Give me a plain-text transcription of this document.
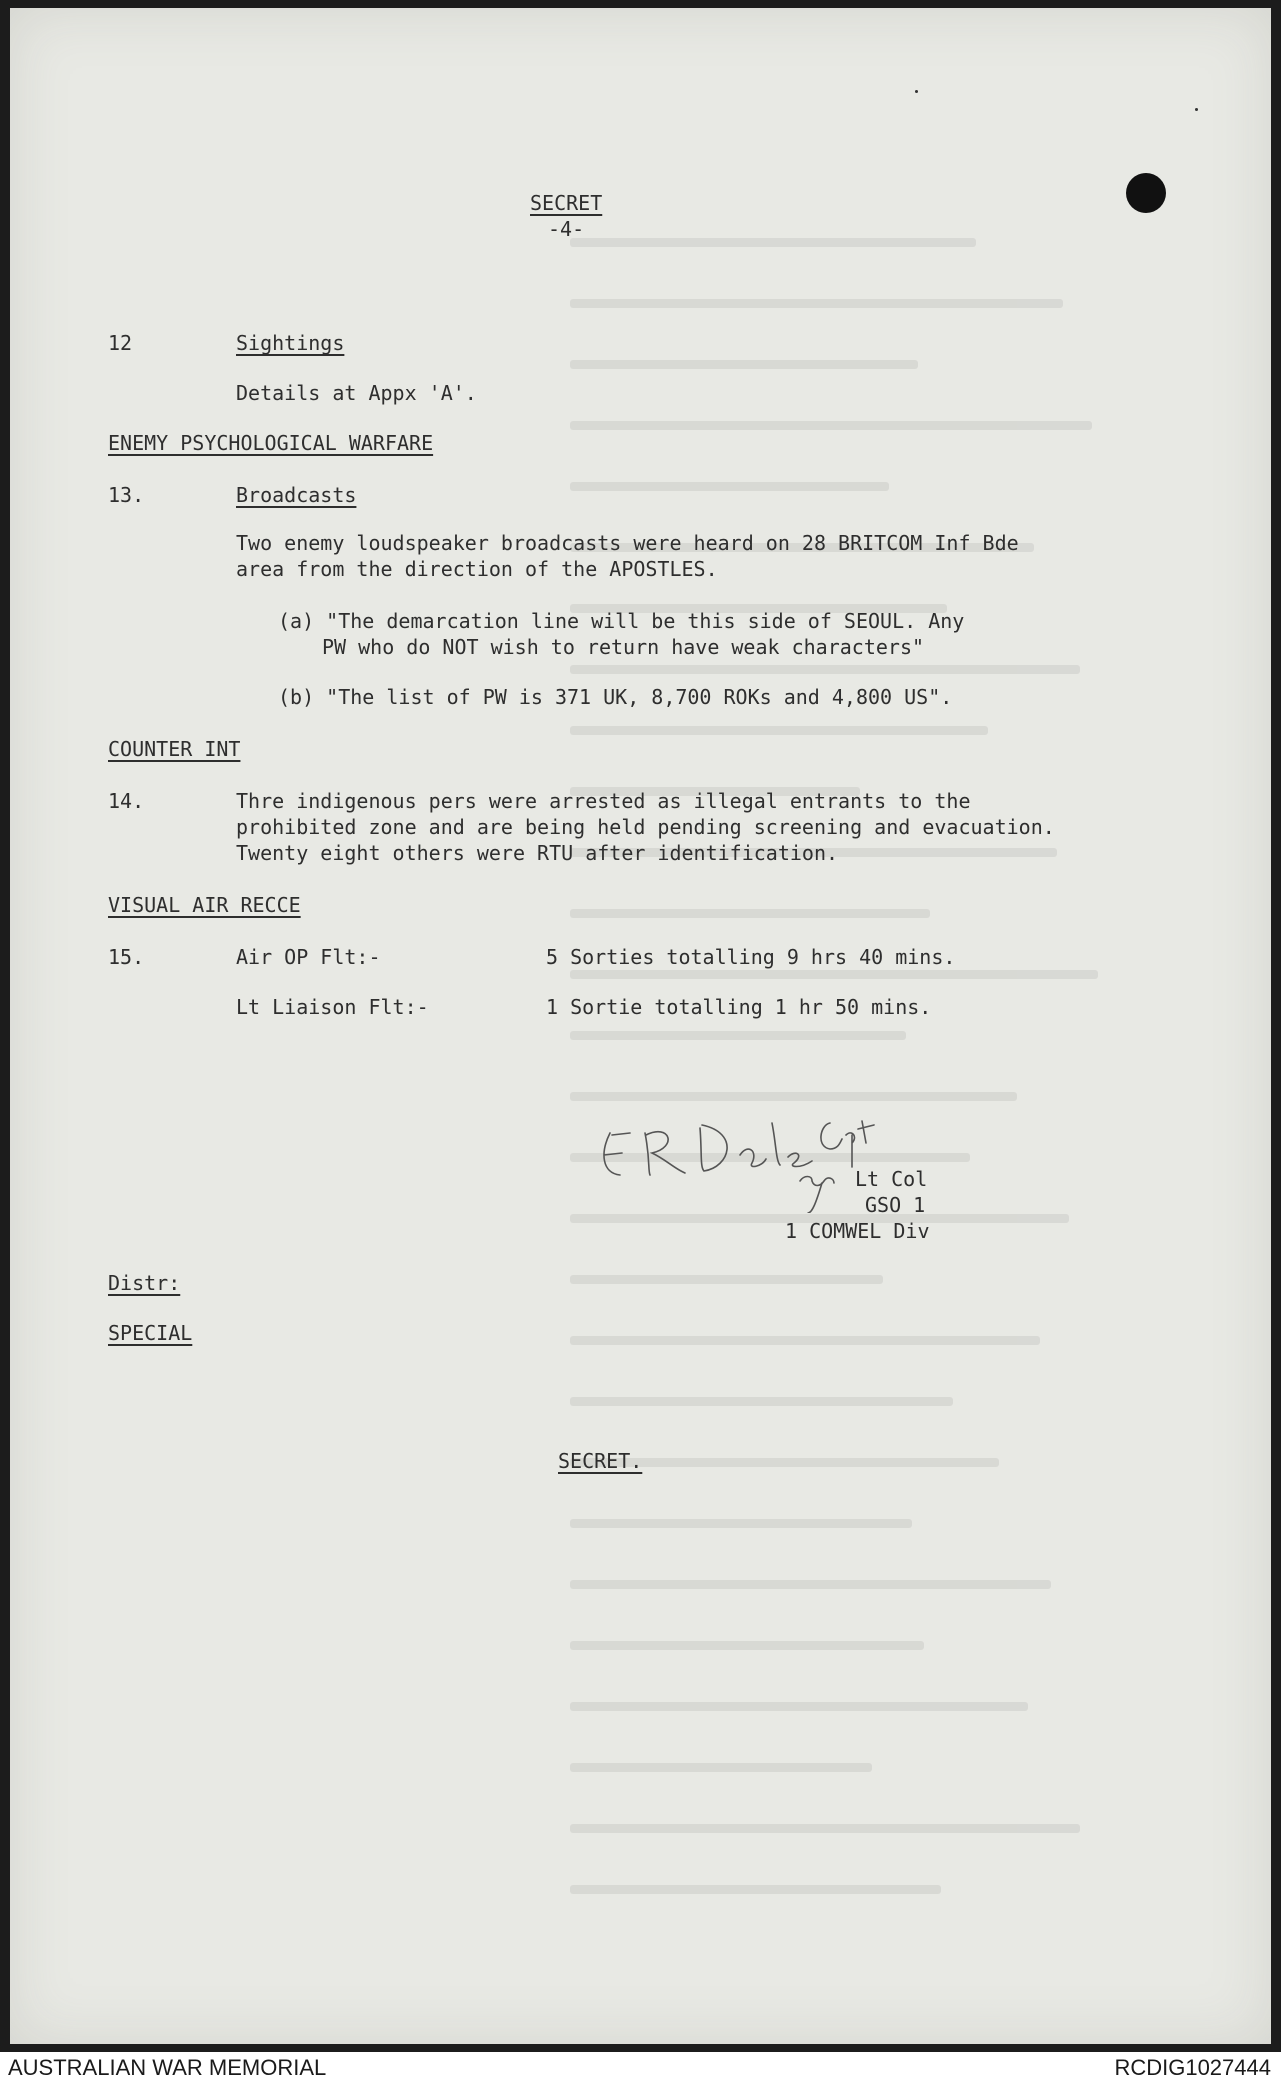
SECRET
-4-
12	Sightings
Details at Appx 'A'.
ENEMY PSYCHOLOGICAL WARFARE
13.	Broadcasts
Two enemy loudspeaker broadcasts were heard on 28 BRITCOM Inf Bde
area from the direction of the APOSTLES.
(a) "The demarcation line will be this side of SEOUL. Any
PW who do NOT wish to return have weak characters"
(b) "The list of PW is 371 UK, 8,700 ROKs and 4,800 US".
COUNTER INT
14.	Thre indigenous pers were arrested as illegal entrants to the
prohibited zone and are being held pending screening and evacuation.
Twenty eight others were RTU after identification.
VISUAL AIR RECCE
15.	Air OP Flt:-	5 Sorties totalling 9 hrs 40 mins.
Lt Liaison Flt:-	1 Sortie totalling 1 hr 50 mins.
Lt Col
GSO 1
1 COMWEL Div
Distr:
SPECIAL
SECRET.
AUSTRALIAN WAR MEMORIAL	RCDIG1027444
